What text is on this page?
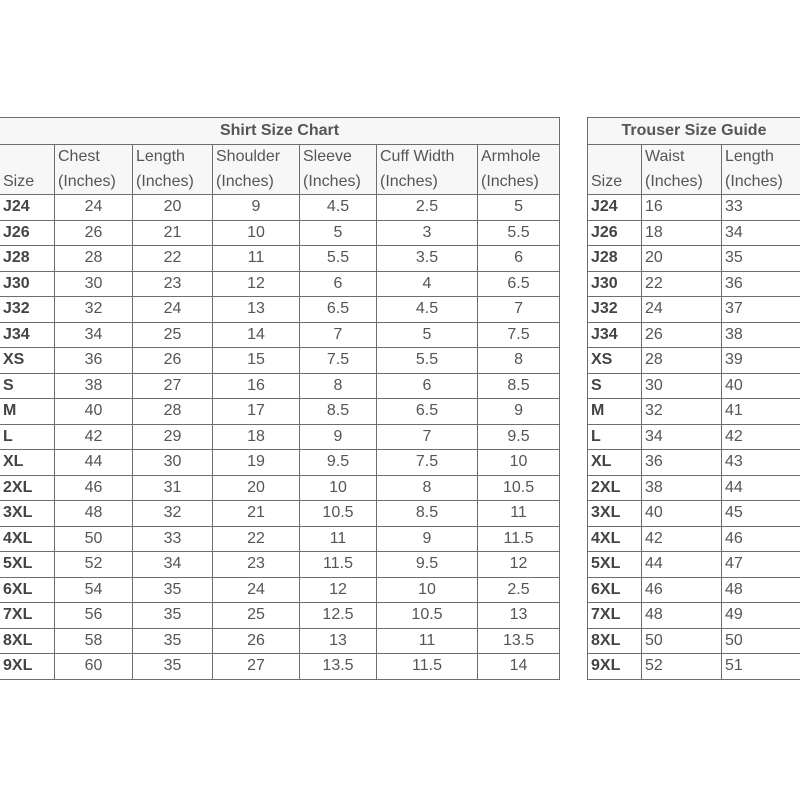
Shirt Size Chart						
	Chest	Length	Shoulder	Sleeve	Cuff Width	Armhole
Size	(Inches)	(Inches)	(Inches)	(Inches)	(Inches)	(Inches)
J24	24	20	9	4.5	2.5	5
J26	26	21	10	5	3	5.5
J28	28	22	11	5.5	3.5	6
J30	30	23	12	6	4	6.5
J32	32	24	13	6.5	4.5	7
J34	34	25	14	7	5	7.5
XS	36	26	15	7.5	5.5	8
S	38	27	16	8	6	8.5
M	40	28	17	8.5	6.5	9
L	42	29	18	9	7	9.5
XL	44	30	19	9.5	7.5	10
2XL	46	31	20	10	8	10.5
3XL	48	32	21	10.5	8.5	11
4XL	50	33	22	11	9	11.5
5XL	52	34	23	11.5	9.5	12
6XL	54	35	24	12	10	2.5
7XL	56	35	25	12.5	10.5	13
8XL	58	35	26	13	11	13.5
9XL	60	35	27	13.5	11.5	14
Trouser Size Guide		
	Waist	Length
Size	(Inches)	(Inches)
J24	16	33
J26	18	34
J28	20	35
J30	22	36
J32	24	37
J34	26	38
XS	28	39
S	30	40
M	32	41
L	34	42
XL	36	43
2XL	38	44
3XL	40	45
4XL	42	46
5XL	44	47
6XL	46	48
7XL	48	49
8XL	50	50
9XL	52	51
